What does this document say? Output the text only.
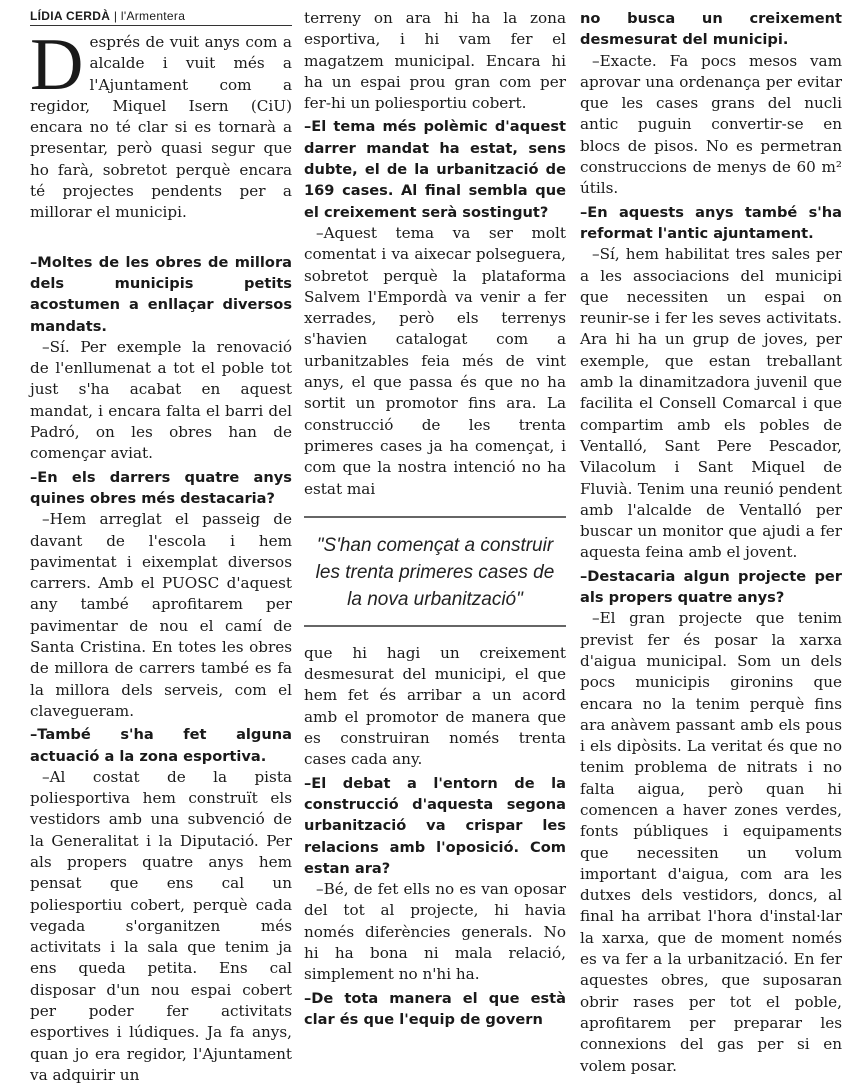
LÍDIA CERDÀ | l'Armentera

Després de vuit anys com a alcalde i vuit més a l'Ajuntament com a regidor, Miquel Isern (CiU) encara no té clar si es tornarà a presentar, però quasi segur que ho farà, sobretot perquè encara té projectes pendents per a millorar el municipi.

–Moltes de les obres de millora dels municipis petits acostumen a enllaçar diversos mandats.

–Sí. Per exemple la renovació de l'enllumenat a tot el poble tot just s'ha acabat en aquest mandat, i encara falta el barri del Padró, on les obres han de començar aviat.

–En els darrers quatre anys quines obres més destacaria?

–Hem arreglat el passeig de davant de l'escola i hem pavimentat i eixemplat diversos carrers. Amb el PUOSC d'aquest any també aprofitarem per pavimentar de nou el camí de Santa Cristina. En totes les obres de millora de carrers també es fa la millora dels serveis, com el clavegueram.

–També s'ha fet alguna actuació a la zona esportiva.

–Al costat de la pista poliesportiva hem construït els vestidors amb una subvenció de la Generalitat i la Diputació. Per als propers quatre anys hem pensat que ens cal un poliesportiu cobert, perquè cada vegada s'organitzen més activitats i la sala que tenim ja ens queda petita. Ens cal disposar d'un nou espai cobert per poder fer activitats esportives i lúdiques. Ja fa anys, quan jo era regidor, l'Ajuntament va adquirir un

terreny on ara hi ha la zona esportiva, i hi vam fer el magatzem municipal. Encara hi ha un espai prou gran com per fer-hi un poliesportiu cobert.

–El tema més polèmic d'aquest darrer mandat ha estat, sens dubte, el de la urbanització de 169 cases. Al final sembla que el creixement serà sostingut?

–Aquest tema va ser molt comentat i va aixecar polseguera, sobretot perquè la plataforma Salvem l'Empordà va venir a fer xerrades, però els terrenys s'havien catalogat com a urbanitzables feia més de vint anys, el que passa és que no ha sortit un promotor fins ara. La construcció de les trenta primeres cases ja ha començat, i com que la nostra intenció no ha estat mai

"S'han començat a construir les trenta primeres cases de la nova urbanització"

que hi hagi un creixement desmesurat del municipi, el que hem fet és arribar a un acord amb el promotor de manera que es construiran només trenta cases cada any.

–El debat a l'entorn de la construcció d'aquesta segona urbanització va crispar les relacions amb l'oposició. Com estan ara?

–Bé, de fet ells no es van oposar del tot al projecte, hi havia només diferències generals. No hi ha bona ni mala relació, simplement no n'hi ha.

–De tota manera el que està clar és que l'equip de govern

no busca un creixement desmesurat del municipi.

–Exacte. Fa pocs mesos vam aprovar una ordenança per evitar que les cases grans del nucli antic puguin convertir-se en blocs de pisos. No es permetran construccions de menys de 60 m² útils.

–En aquests anys també s'ha reformat l'antic ajuntament.

–Sí, hem habilitat tres sales per a les associacions del municipi que necessiten un espai on reunir-se i fer les seves activitats. Ara hi ha un grup de joves, per exemple, que estan treballant amb la dinamitzadora juvenil que facilita el Consell Comarcal i que compartim amb els pobles de Ventalló, Sant Pere Pescador, Vilacolum i Sant Miquel de Fluvià. Tenim una reunió pendent amb l'alcalde de Ventalló per buscar un monitor que ajudi a fer aquesta feina amb el jovent.

–Destacaria algun projecte per als propers quatre anys?

–El gran projecte que tenim previst fer és posar la xarxa d'aigua municipal. Som un dels pocs municipis gironins que encara no la tenim perquè fins ara anàvem passant amb els pous i els dipòsits. La veritat és que no tenim problema de nitrats i no falta aigua, però quan hi comencen a haver zones verdes, fonts públiques i equipaments que necessiten un volum important d'aigua, com ara les dutxes dels vestidors, doncs, al final ha arribat l'hora d'instal·lar la xarxa, que de moment només es va fer a la urbanització. En fer aquestes obres, que suposaran obrir rases per tot el poble, aprofitarem per preparar les connexions del gas per si en volem posar.
